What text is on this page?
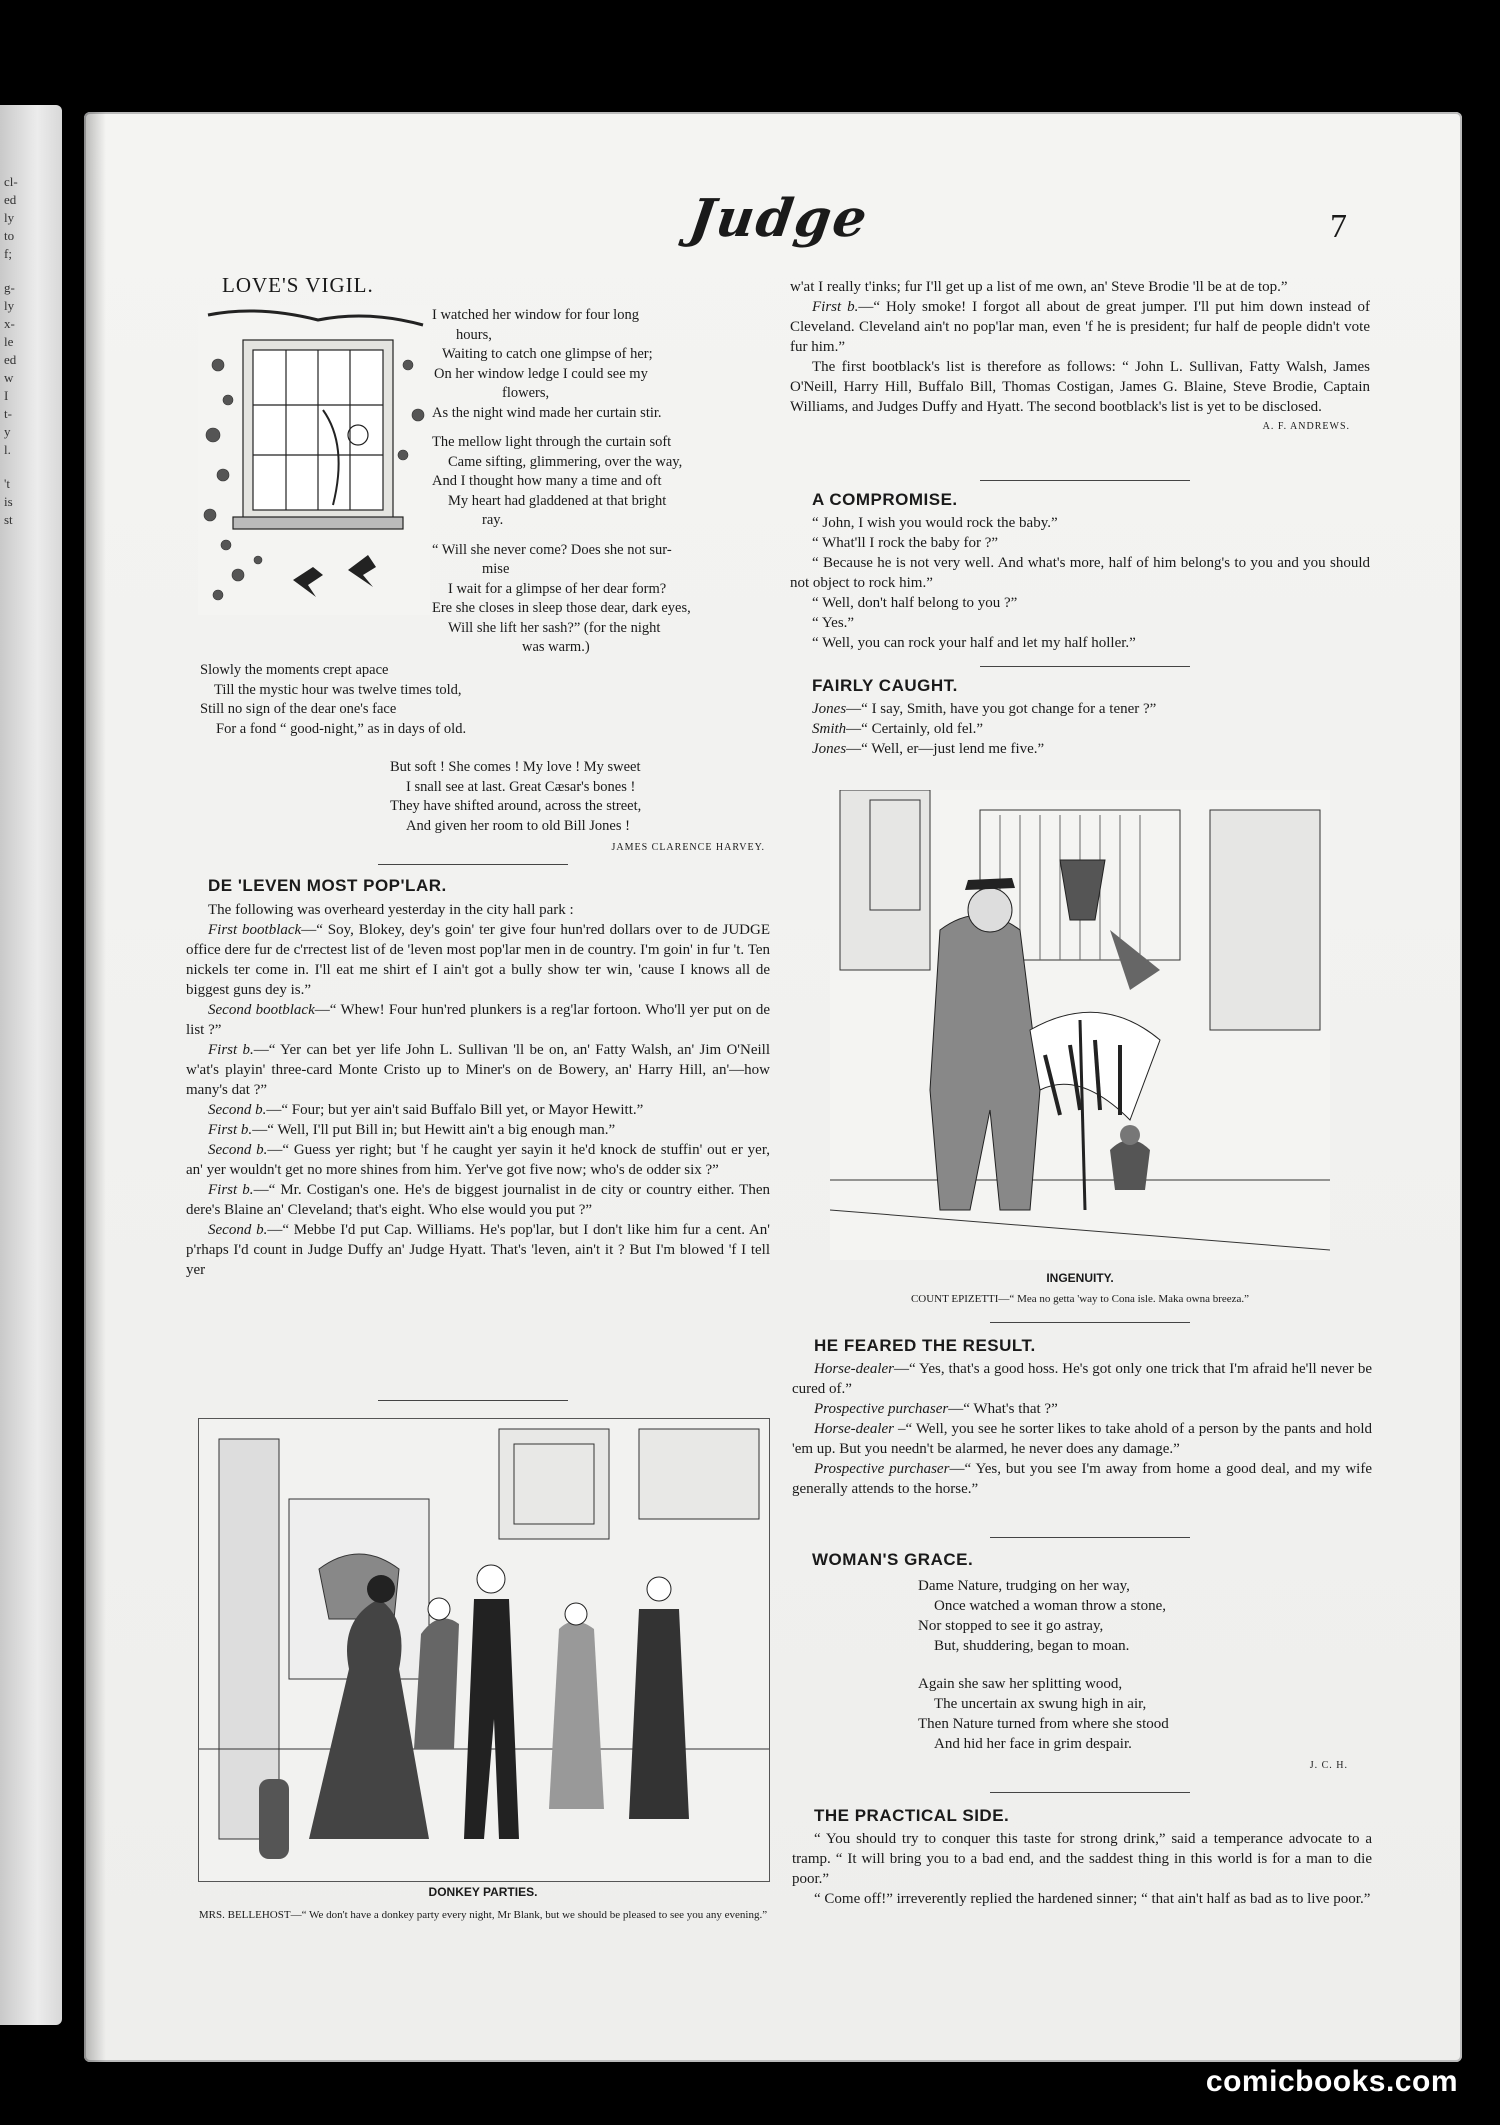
cl-
ed
ly
to
f;
g-
ly
x-
le
ed
w
I
t-
y
l.
't
is
st
Judge	7

LOVE'S VIGIL.

I watched her window for four long
hours,
Waiting to catch one glimpse of her;
On her window ledge I could see my
flowers,
As the night wind made her curtain stir.
The mellow light through the curtain soft
Came sifting, glimmering, over the way,
And I thought how many a time and oft
My heart had gladdened at that bright
ray.
“ Will she never come? Does she not sur-
mise
I wait for a glimpse of her dear form?
Ere she closes in sleep those dear, dark eyes,
Will she lift her sash?” (for the night
was warm.)
Slowly the moments crept apace
Till the mystic hour was twelve times told,
Still no sign of the dear one's face
For a fond “ good-night,” as in days of old.
But soft ! She comes ! My love ! My sweet
I snall see at last. Great Cæsar's bones !
They have shifted around, across the street,
And given her room to old Bill Jones !
JAMES CLARENCE HARVEY.

DE 'LEVEN MOST POP'LAR.

The following was overheard yesterday in the city hall park :

First bootblack—“ Soy, Blokey, dey's goin' ter give four hun'red dollars over to de JUDGE office dere fur de c'rrectest list of de 'leven most pop'lar men in de country. I'm goin' in fur 't. Ten nickels ter come in. I'll eat me shirt ef I ain't got a bully show ter win, 'cause I knows all de biggest guns dey is.”

Second bootblack—“ Whew! Four hun'red plunkers is a reg'lar fortoon. Who'll yer put on de list ?”

First b.—“ Yer can bet yer life John L. Sullivan 'll be on, an' Fatty Walsh, an' Jim O'Neill w'at's playin' three-card Monte Cristo up to Miner's on de Bowery, an' Harry Hill, an'—how many's dat ?”

Second b.—“ Four; but yer ain't said Buffalo Bill yet, or Mayor Hewitt.”

First b.—“ Well, I'll put Bill in; but Hewitt ain't a big enough man.”

Second b.—“ Guess yer right; but 'f he caught yer sayin it he'd knock de stuffin' out er yer, an' yer wouldn't get no more shines from him. Yer've got five now; who's de odder six ?”

First b.—“ Mr. Costigan's one. He's de biggest journalist in de city or country either. Then dere's Blaine an' Cleveland; that's eight. Who else would you put ?”

Second b.—“ Mebbe I'd put Cap. Williams. He's pop'lar, but I don't like him fur a cent. An' p'rhaps I'd count in Judge Duffy an' Judge Hyatt. That's 'leven, ain't it ? But I'm blowed 'f I tell yer

DONKEY PARTIES.
MRS. BELLEHOST—“ We don't have a donkey party every night, Mr Blank, but we should be pleased to see you any evening.”

w'at I really t'inks; fur I'll get up a list of me own, an' Steve Brodie 'll be at de top.”

First b.—“ Holy smoke! I forgot all about de great jumper. I'll put him down instead of Cleveland. Cleveland ain't no pop'lar man, even 'f he is president; fur half de people didn't vote fur him.”

The first bootblack's list is therefore as follows: “ John L. Sullivan, Fatty Walsh, James O'Neill, Harry Hill, Buffalo Bill, Thomas Costigan, James G. Blaine, Steve Brodie, Captain Williams, and Judges Duffy and Hyatt. The second bootblack's list is yet to be disclosed.

A. F. ANDREWS.

A COMPROMISE.

“ John, I wish you would rock the baby.”

“ What'll I rock the baby for ?”

“ Because he is not very well. And what's more, half of him belong's to you and you should not object to rock him.”

“ Well, don't half belong to you ?”

“ Yes.”

“ Well, you can rock your half and let my half holler.”

FAIRLY CAUGHT.

Jones—“ I say, Smith, have you got change for a tener ?”

Smith—“ Certainly, old fel.”

Jones—“ Well, er—just lend me five.”

INGENUITY.
COUNT EPIZETTI—“ Mea no getta 'way to Cona isle. Maka owna breeza.”

HE FEARED THE RESULT.

Horse-dealer—“ Yes, that's a good hoss. He's got only one trick that I'm afraid he'll never be cured of.”

Prospective purchaser—“ What's that ?”

Horse-dealer –“ Well, you see he sorter likes to take ahold of a person by the pants and hold 'em up. But you needn't be alarmed, he never does any damage.”

Prospective purchaser—“ Yes, but you see I'm away from home a good deal, and my wife generally attends to the horse.”

WOMAN'S GRACE.

Dame Nature, trudging on her way,
Once watched a woman throw a stone,
Nor stopped to see it go astray,
But, shuddering, began to moan.
Again she saw her splitting wood,
The uncertain ax swung high in air,
Then Nature turned from where she stood
And hid her face in grim despair.
J. C. H.

THE PRACTICAL SIDE.

“ You should try to conquer this taste for strong drink,” said a temperance advocate to a tramp. “ It will bring you to a bad end, and the saddest thing in this world is for a man to die poor.”

“ Come off!” irreverently replied the hardened sinner; “ that ain't half as bad as to live poor.”

comicbooks.com
